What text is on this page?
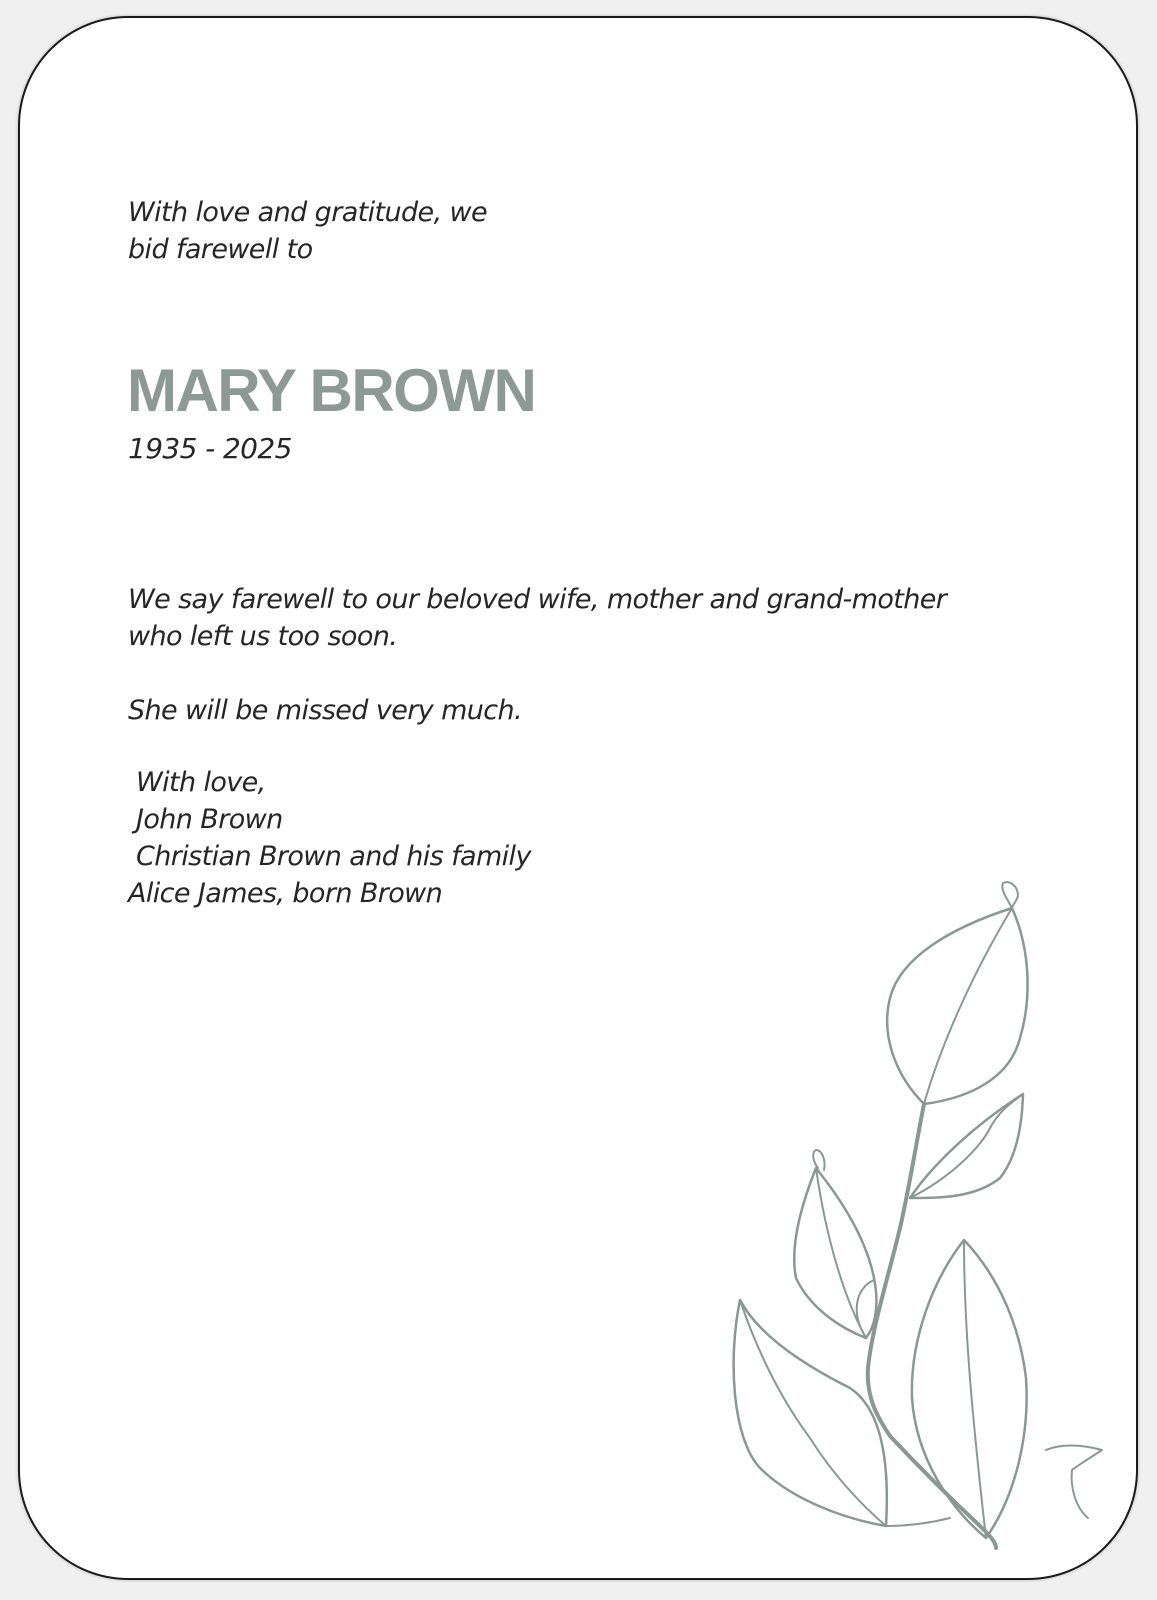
With love and gratitude, we
bid farewell to
MARY BROWN
1935 - 2025
We say farewell to our beloved wife, mother and grand-mother
who left us too soon.
She will be missed very much.
With love,
John Brown
Christian Brown and his family
Alice James, born Brown
